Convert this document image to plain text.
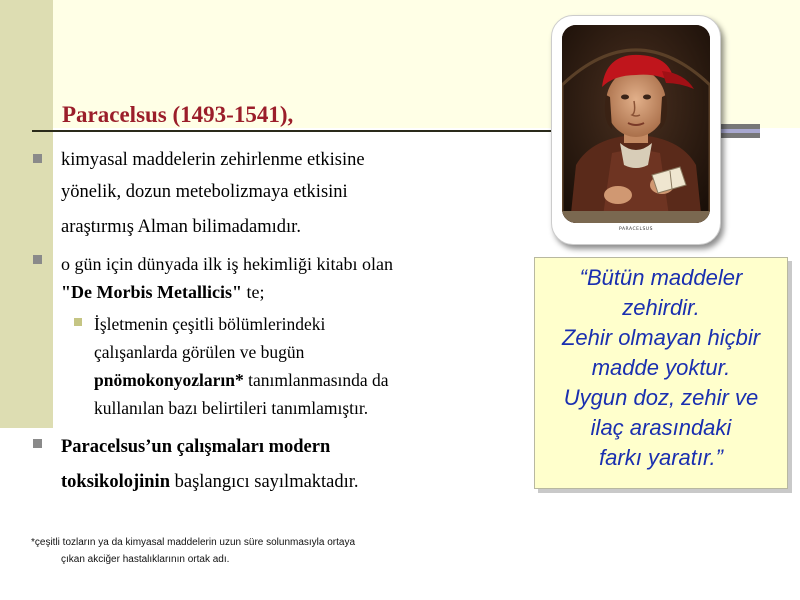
Paracelsus (1493-1541),
kimyasal maddelerin zehirlenme etkisine
yönelik, dozun metebolizmaya etkisini
araştırmış Alman bilimadamıdır.
o gün için dünyada ilk iş hekimliği kitabı olan
"De Morbis Metallicis" te;
İşletmenin çeşitli bölümlerindeki
çalışanlarda görülen ve bugün
pnömokonyozların* tanımlanmasında da
kullanılan bazı belirtileri tanımlamıştır.
Paracelsus’un çalışmaları modern
toksikolojinin başlangıcı sayılmaktadır.
PARACELSUS
“Bütün maddeler
zehirdir.
Zehir olmayan hiçbir
madde yoktur.
Uygun doz, zehir ve
ilaç arasındaki
farkı yaratır.”
*çeşitli tozların ya da kimyasal maddelerin uzun süre solunmasıyla ortaya
çıkan akciğer hastalıklarının ortak adı.
